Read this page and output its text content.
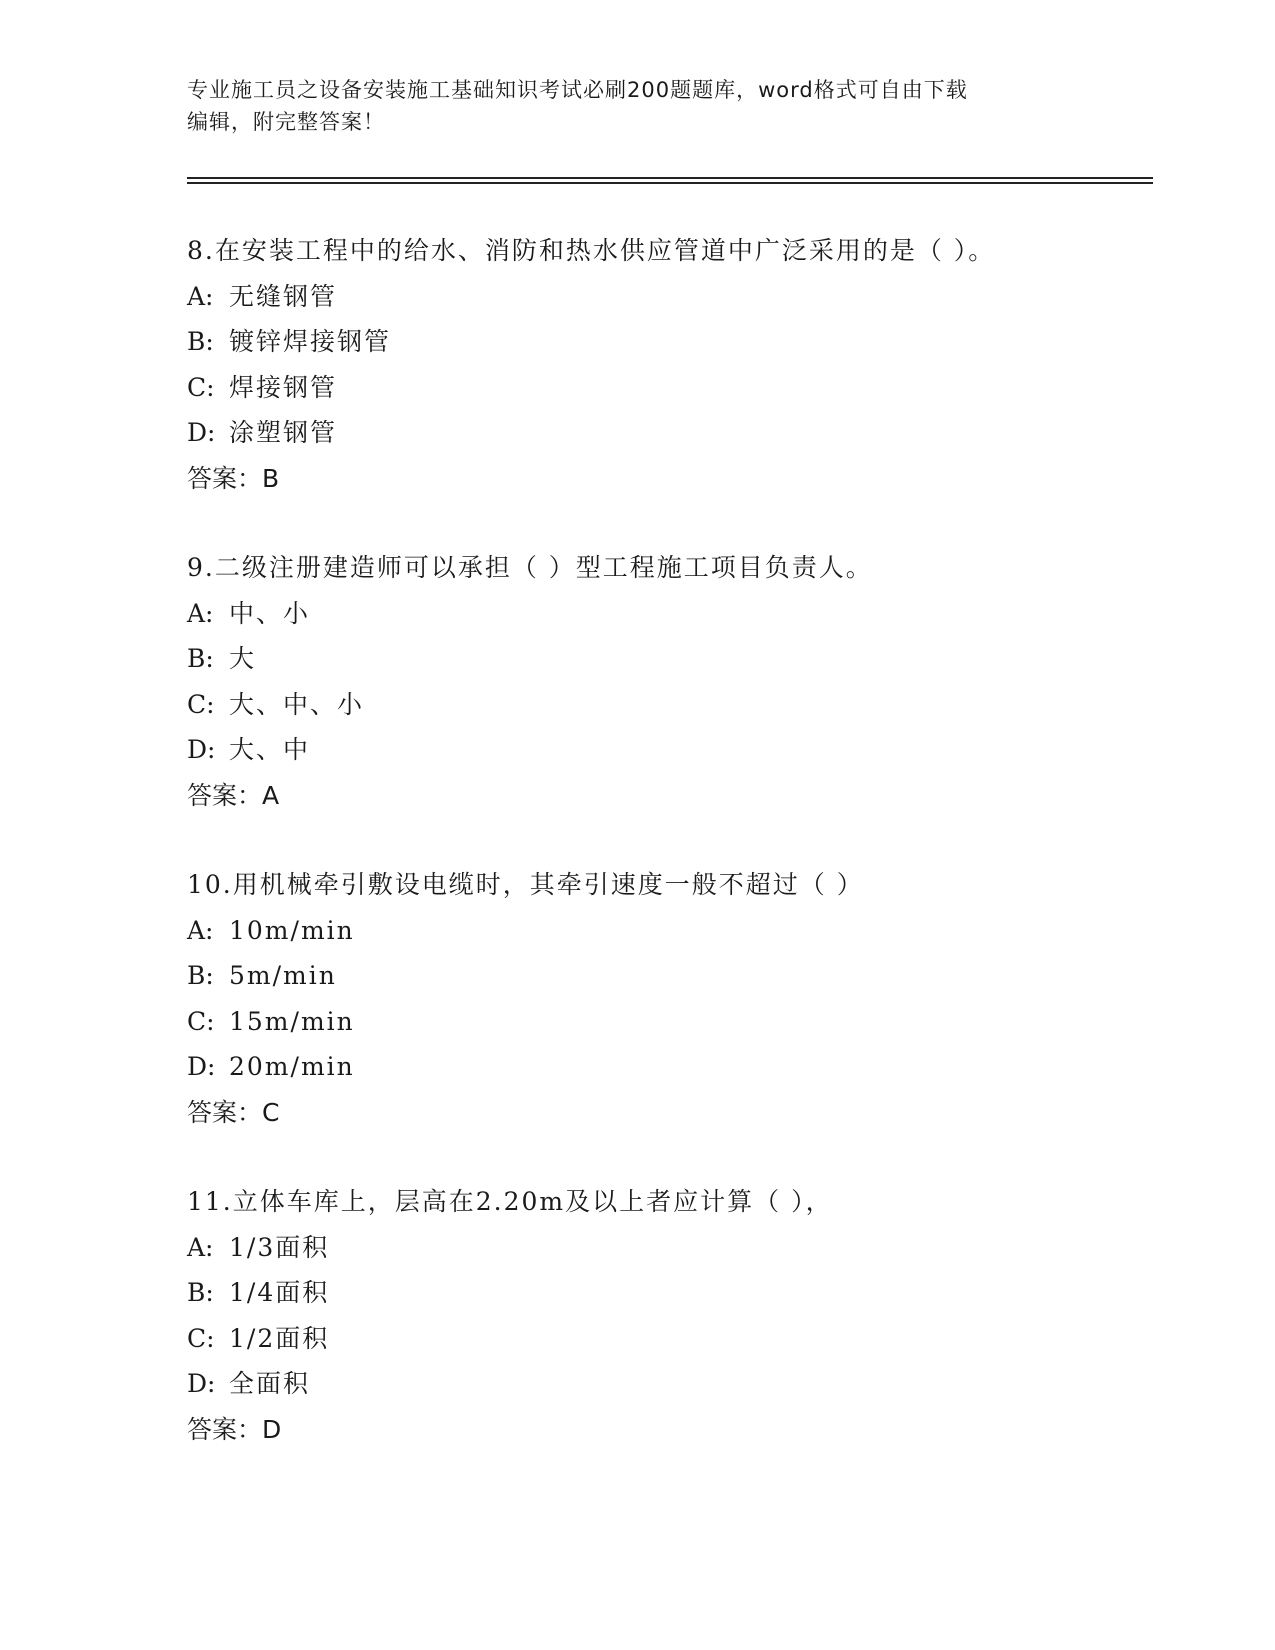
专业施工员之设备安装施工基础知识考试必刷200题题库，word格式可自由下载
编辑，附完整答案！
8.在安装工程中的给水、消防和热水供应管道中广泛采用的是（ ）。
A: 无缝钢管
B: 镀锌焊接钢管
C: 焊接钢管
D: 涂塑钢管
答案：B
9.二级注册建造师可以承担（ ）型工程施工项目负责人。
A: 中、小
B: 大
C: 大、中、小
D: 大、中
答案：A
10.用机械牵引敷设电缆时，其牵引速度一般不超过（ ）
A: 10m/min
B: 5m/min
C: 15m/min
D: 20m/min
答案：C
11.立体车库上，层高在2.20m及以上者应计算（ ），
A: 1/3面积
B: 1/4面积
C: 1/2面积
D: 全面积
答案：D
